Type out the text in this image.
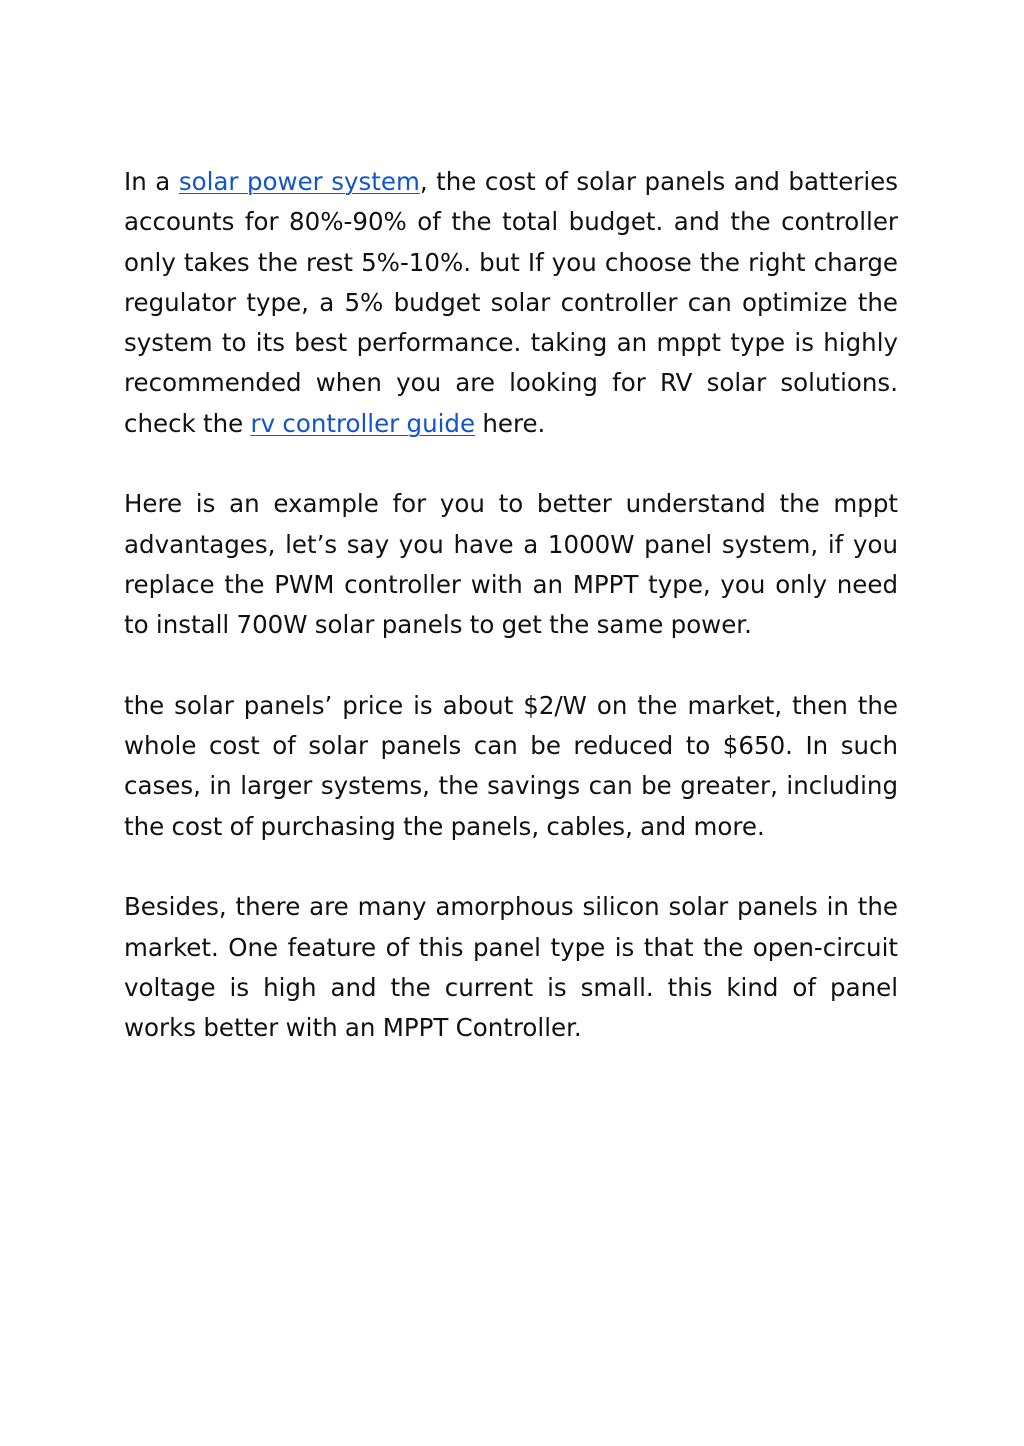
In a solar power system, the cost of solar panels and batteries accounts for 80%-90% of the total budget. and the controller only takes the rest 5%-10%. but If you choose the right charge regulator type, a 5% budget solar controller can optimize the system to its best performance. taking an mppt type is highly recommended when you are looking for RV solar solutions. check the rv controller guide here.

Here is an example for you to better understand the mppt advantages, let’s say you have a 1000W panel system, if you replace the PWM controller with an MPPT type, you only need to install 700W solar panels to get the same power.

the solar panels’ price is about $2/W on the market, then the whole cost of solar panels can be reduced to $650. In such cases, in larger systems, the savings can be greater, including the cost of purchasing the panels, cables, and more.

Besides, there are many amorphous silicon solar panels in the market. One feature of this panel type is that the open-circuit voltage is high and the current is small. this kind of panel works better with an MPPT Controller.
